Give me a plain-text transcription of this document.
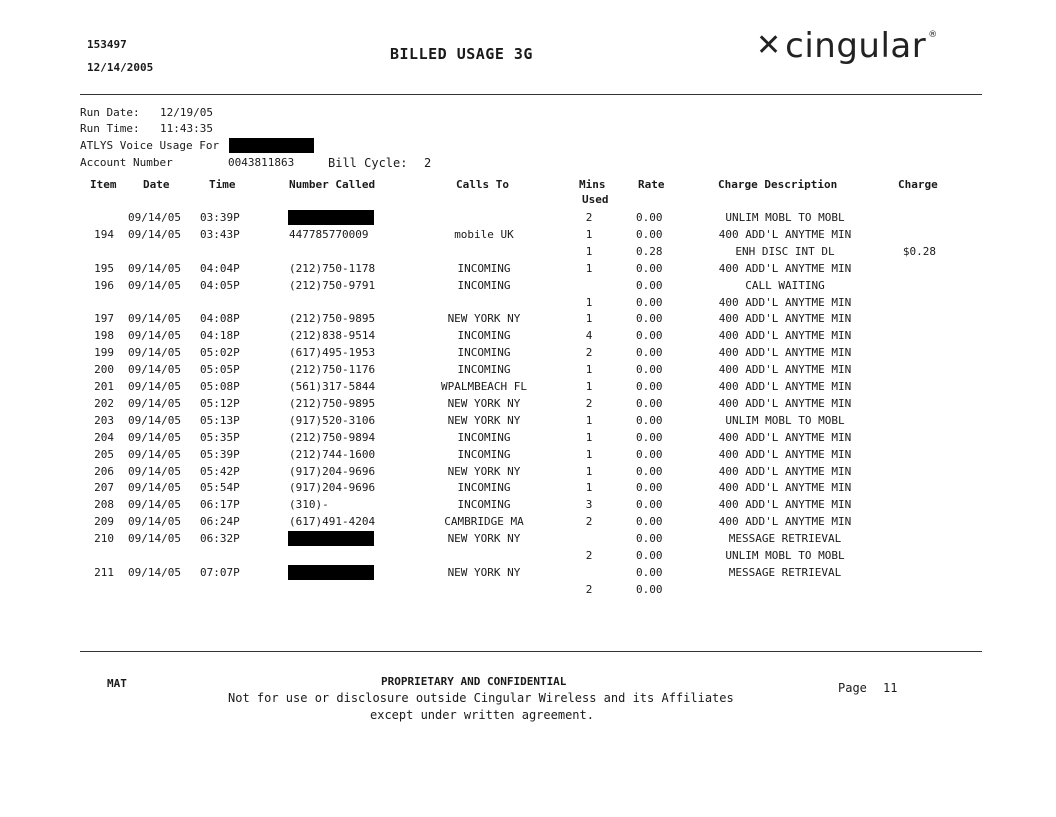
153497
12/14/2005
BILLED USAGE 3G	✕ cingular ®
Run Date: 12/19/05
Run Time: 11:43:35
ATLYS Voice Usage For
Account Number	0043811863	Bill Cycle: 2
Item Date	Time	Number Called	Calls To	Mins
Used
Rate	Charge Description	Charge
09/14/05	03:39P	2	0.00	UNLIM MOBL TO MOBL
194 09/14/05	03:43P	447785770009	mobile UK	1	0.00	400 ADD'L ANYTME MIN
1	0.28	ENH DISC INT DL	$0.28
195 09/14/05	04:04P	(212)750-1178	INCOMING	1	0.00	400 ADD'L ANYTME MIN
196 09/14/05	04:05P	(212)750-9791	INCOMING	0.00	CALL WAITING
1	0.00	400 ADD'L ANYTME MIN
197 09/14/05	04:08P	(212)750-9895	NEW YORK NY	1	0.00	400 ADD'L ANYTME MIN
198 09/14/05	04:18P	(212)838-9514	INCOMING	4	0.00	400 ADD'L ANYTME MIN
199 09/14/05	05:02P	(617)495-1953	INCOMING	2	0.00	400 ADD'L ANYTME MIN
200 09/14/05	05:05P	(212)750-1176	INCOMING	1	0.00	400 ADD'L ANYTME MIN
201 09/14/05	05:08P	(561)317-5844	WPALMBEACH FL	1	0.00	400 ADD'L ANYTME MIN
202 09/14/05	05:12P	(212)750-9895	NEW YORK NY	2	0.00	400 ADD'L ANYTME MIN
203 09/14/05	05:13P	(917)520-3106	NEW YORK NY	1	0.00	UNLIM MOBL TO MOBL
204 09/14/05	05:35P	(212)750-9894	INCOMING	1	0.00	400 ADD'L ANYTME MIN
205 09/14/05	05:39P	(212)744-1600	INCOMING	1	0.00	400 ADD'L ANYTME MIN
206 09/14/05	05:42P	(917)204-9696	NEW YORK NY	1	0.00	400 ADD'L ANYTME MIN
207 09/14/05	05:54P	(917)204-9696	INCOMING	1	0.00	400 ADD'L ANYTME MIN
208 09/14/05	06:17P	(310)-	INCOMING	3	0.00	400 ADD'L ANYTME MIN
209 09/14/05	06:24P	(617)491-4204	CAMBRIDGE MA	2	0.00	400 ADD'L ANYTME MIN
210 09/14/05	06:32P	NEW YORK NY	0.00	MESSAGE RETRIEVAL
2	0.00	UNLIM MOBL TO MOBL
211 09/14/05	07:07P	NEW YORK NY	0.00	MESSAGE RETRIEVAL
2	0.00
MAT	PROPRIETARY AND CONFIDENTIAL
Not for use or disclosure outside Cingular Wireless and its Affiliates
except under written agreement.
Page 11
